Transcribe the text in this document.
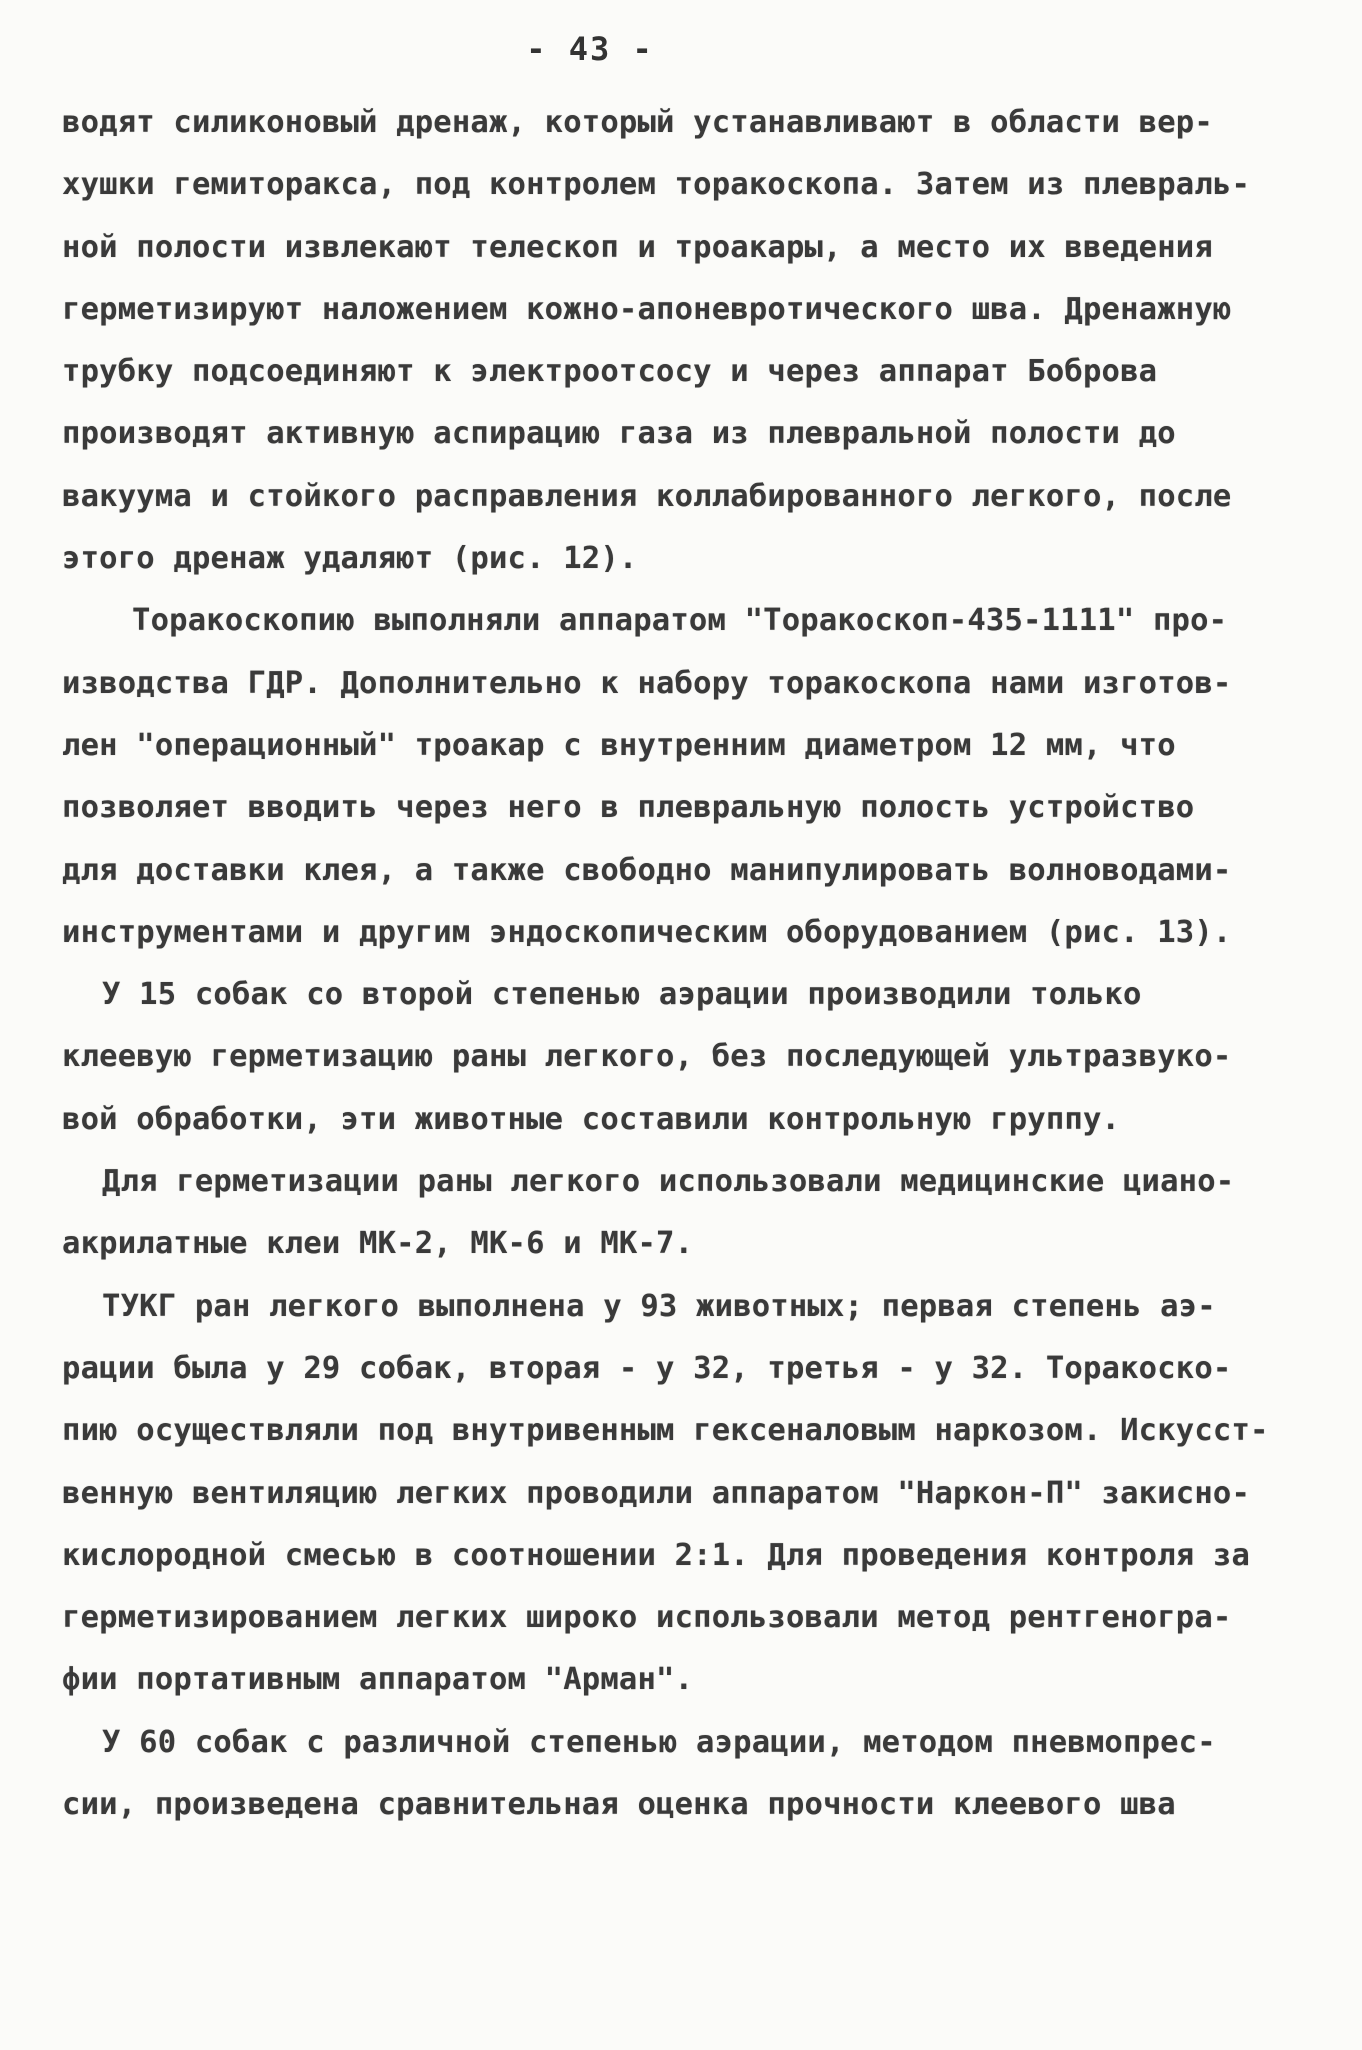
- 43 -
водят силиконовый дренаж, который устанавливают в области вер-
хушки гемиторакса, под контролем торакоскопа. Затем из плевраль-
ной полости извлекают телескоп и троакары, а место их введения
герметизируют наложением кожно-апоневротического шва. Дренажную
трубку подсоединяют к электроотсосу и через аппарат Боброва
производят активную аспирацию газа из плевральной полости до
вакуума и стойкого расправления коллабированного легкого, после
этого дренаж удаляют (рис. 12).
Торакоскопию выполняли аппаратом "Торакоскоп-435-1111" про-
изводства ГДР. Дополнительно к набору торакоскопа нами изготов-
лен "операционный" троакар с внутренним диаметром 12 мм, что
позволяет вводить через него в плевральную полость устройство
для доставки клея, а также свободно манипулировать волноводами-
инструментами и другим эндоскопическим оборудованием (рис. 13).
У 15 собак со второй степенью аэрации производили только
клеевую герметизацию раны легкого, без последующей ультразвуко-
вой обработки, эти животные составили контрольную группу.
Для герметизации раны легкого использовали медицинские циано-
акрилатные клеи МК-2, МК-6 и МК-7.
ТУКГ ран легкого выполнена у 93 животных; первая степень аэ-
рации была у 29 собак, вторая - у 32, третья - у 32. Торакоско-
пию осуществляли под внутривенным гексеналовым наркозом. Искусст-
венную вентиляцию легких проводили аппаратом "Наркон-П" закисно-
кислородной смесью в соотношении 2:1. Для проведения контроля за
герметизированием легких широко использовали метод рентгеногра-
фии портативным аппаратом "Арман".
У 60 собак с различной степенью аэрации, методом пневмопрес-
сии, произведена сравнительная оценка прочности клеевого шва
